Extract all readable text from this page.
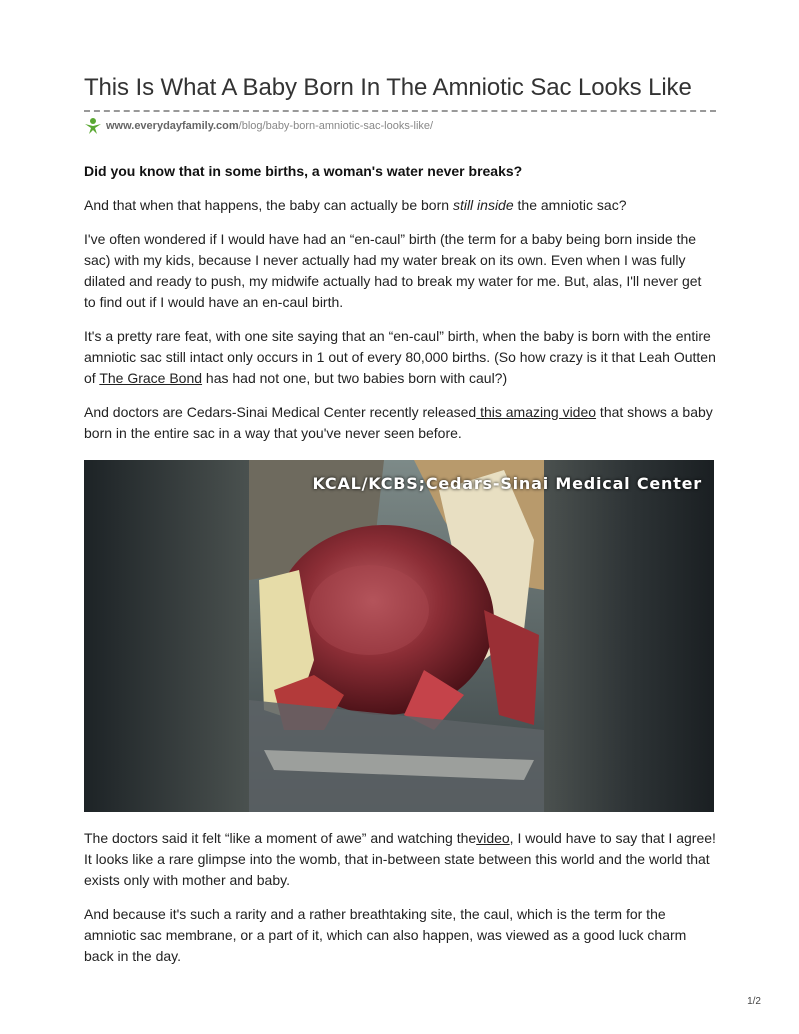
This Is What A Baby Born In The Amniotic Sac Looks Like
www.everydayfamily.com /blog/baby-born-amniotic-sac-looks-like/

Did you know that in some births, a woman's water never breaks?

And that when that happens, the baby can actually be born still inside the amniotic sac?

I've often wondered if I would have had an “en-caul” birth (the term for a baby being born inside the sac) with my kids, because I never actually had my water break on its own. Even when I was fully dilated and ready to push, my midwife actually had to break my water for me. But, alas, I'll never get to find out if I would have an en-caul birth.

It's a pretty rare feat, with one site saying that an “en-caul” birth, when the baby is born with the entire amniotic sac still intact only occurs in 1 out of every 80,000 births. (So how crazy is it that Leah Outten of The Grace Bond has had not one, but two babies born with caul?)

And doctors are Cedars-Sinai Medical Center recently released this amazing video that shows a baby born in the entire sac in a way that you've never seen before.

KCAL/KCBS;Cedars-Sinai Medical Center

The doctors said it felt “like a moment of awe” and watching thevideo, I would have to say that I agree! It looks like a rare glimpse into the womb, that in-between state between this world and the world that exists only with mother and baby.

And because it's such a rarity and a rather breathtaking site, the caul, which is the term for the amniotic sac membrane, or a part of it, which can also happen, was viewed as a good luck charm back in the day.

1/2
